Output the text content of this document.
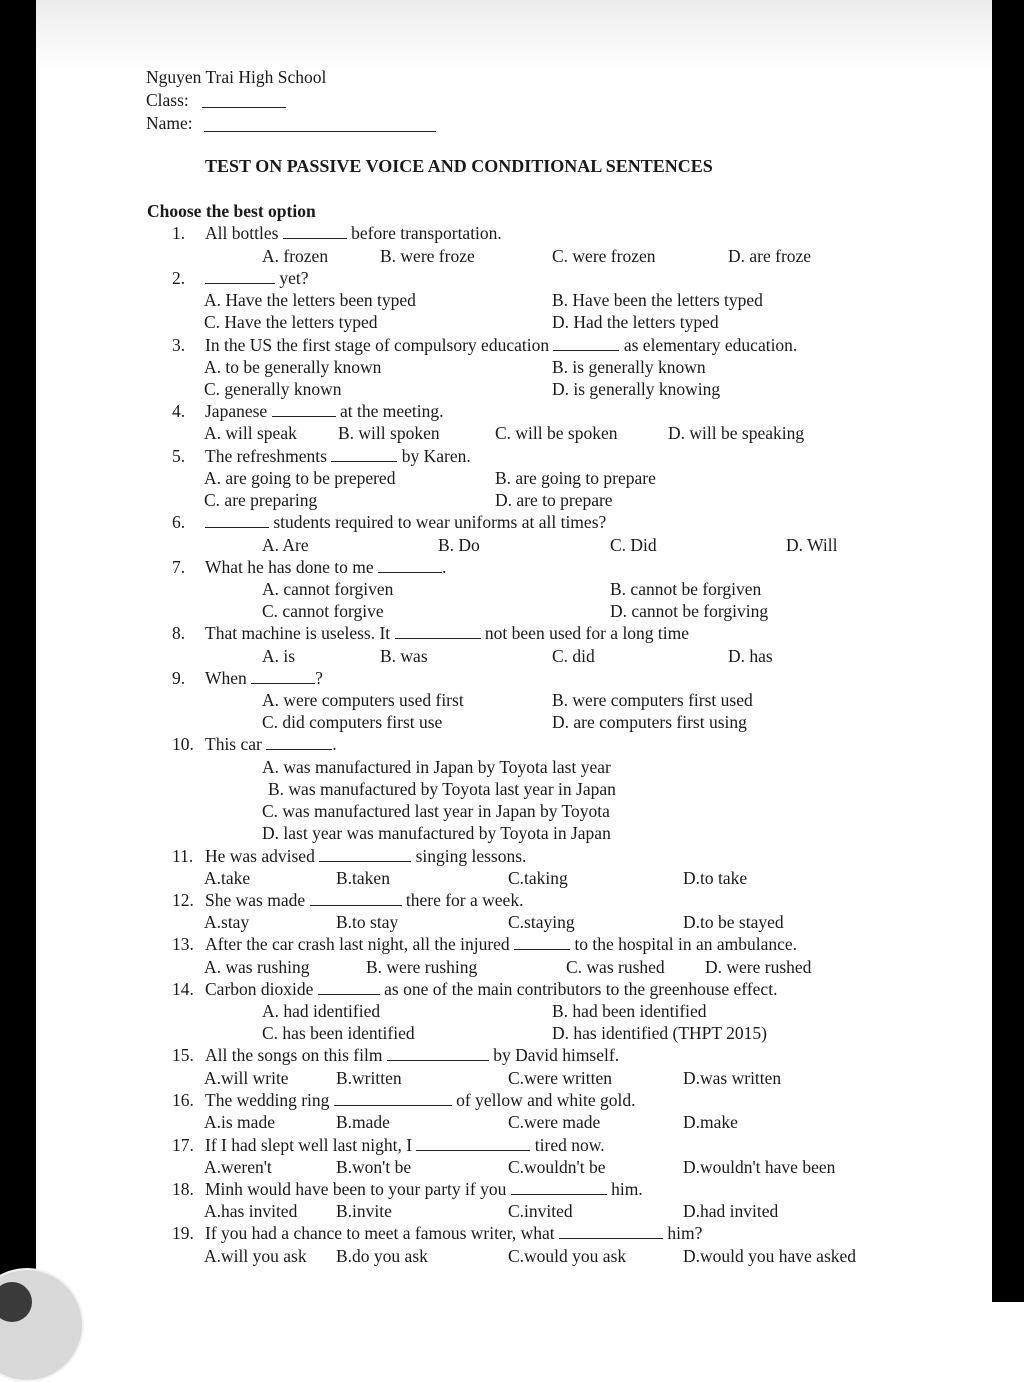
Nguyen Trai High School
Class:
Name:
TEST ON PASSIVE VOICE AND CONDITIONAL SENTENCES
Choose the best option
1. All bottles	before transportation.
A. frozen	B. were froze	C. were frozen	D. are froze
2.	yet?
A. Have the letters been typed	B. Have been the letters typed
C. Have the letters typed	D. Had the letters typed
3. In the US the first stage of compulsory education	as elementary education.
A. to be generally known	B. is generally known
C. generally known	D. is generally knowing
4. Japanese	at the meeting.
A. will speak B. will spoken	C. will be spoken	D. will be speaking
5. The refreshments	by Karen.
A. are going to be prepered	B. are going to prepare
C. are preparing	D. are to prepare
6.	students required to wear uniforms at all times?
A. Are	B. Do	C. Did	D. Will
7. What he has done to me	.
A. cannot forgiven	B. cannot be forgiven
C. cannot forgive	D. cannot be forgiving
8. That machine is useless. It	not been used for a long time
A. is	B. was	C. did	D. has
9. When	?
A. were computers used first	B. were computers first used
C. did computers first use	D. are computers first using
10. This car	.
A. was manufactured in Japan by Toyota last year
B. was manufactured by Toyota last year in Japan
C. was manufactured last year in Japan by Toyota
D. last year was manufactured by Toyota in Japan
11. He was advised	singing lessons.
A.take	B.taken	C.taking	D.to take
12. She was made	there for a week.
A.stay	B.to stay	C.staying	D.to be stayed
13. After the car crash last night, all the injured	to the hospital in an ambulance.
A. was rushing	B. were rushing	C. was rushed D. were rushed
14. Carbon dioxide	as one of the main contributors to the greenhouse effect.
A. had identified	B. had been identified
C. has been identified	D. has identified (THPT 2015)
15. All the songs on this film	by David himself.
A.will write	B.written	C.were written	D.was written
16. The wedding ring	of yellow and white gold.
A.is made	B.made	C.were made	D.make
17. If I had slept well last night, I	tired now.
A.weren't	B.won't be	C.wouldn't be	D.wouldn't have been
18. Minh would have been to your party if you	him.
A.has invited B.invite	C.invited	D.had invited
19. If you had a chance to meet a famous writer, what	him?
A.will you ask B.do you ask	C.would you ask	D.would you have asked
